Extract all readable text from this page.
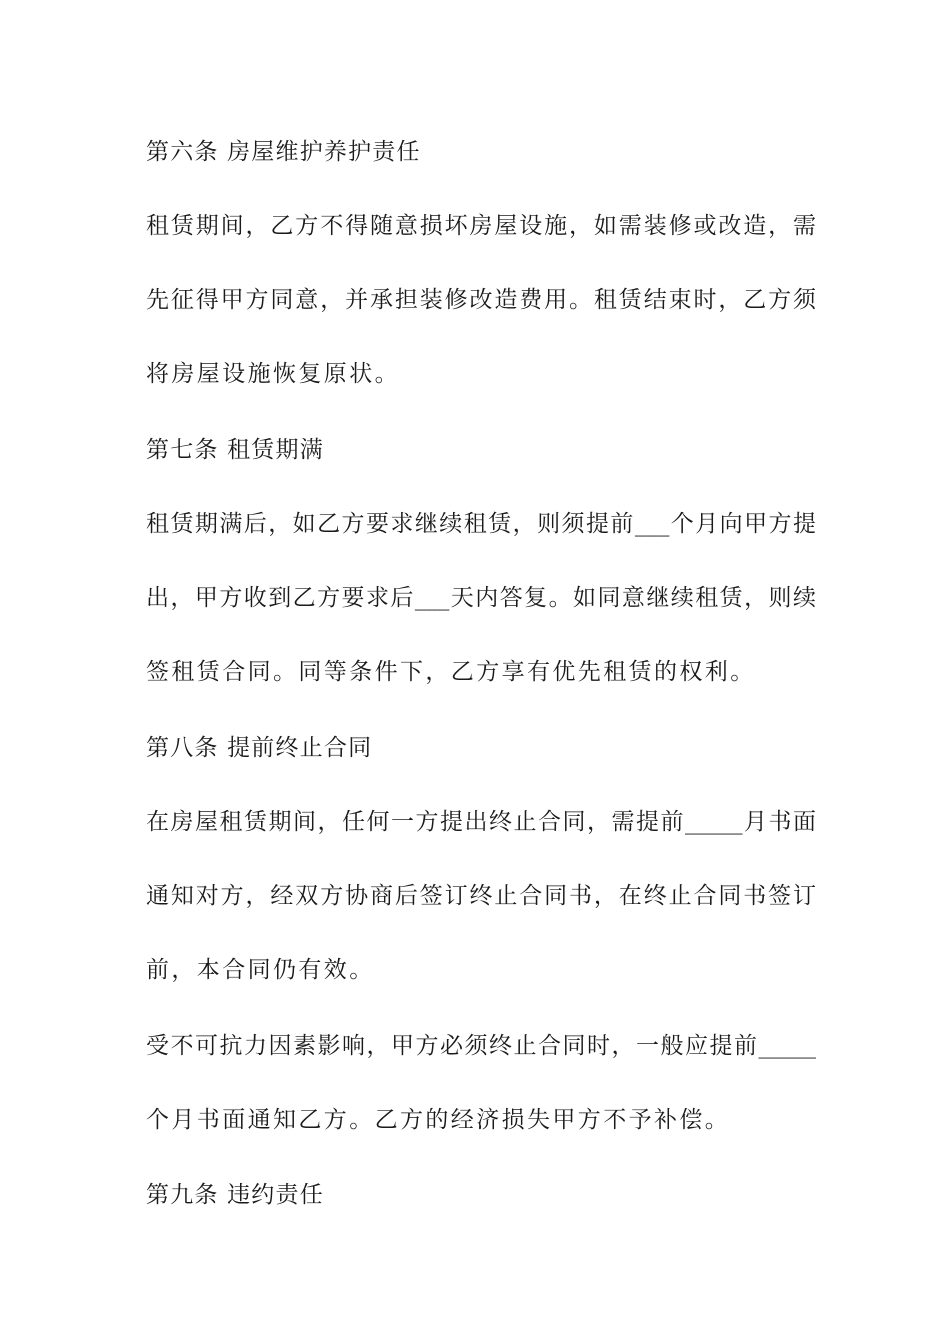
第六条 房屋维护养护责任
租赁期间，乙方不得随意损坏房屋设施，如需装修或改造，需
先征得甲方同意，并承担装修改造费用。租赁结束时，乙方须
将房屋设施恢复原状。
第七条 租赁期满
租赁期满后，如乙方要求继续租赁，则须提前___个月向甲方提
出，甲方收到乙方要求后___天内答复。如同意继续租赁，则续
签租赁合同。同等条件下，乙方享有优先租赁的权利。
第八条 提前终止合同
在房屋租赁期间，任何一方提出终止合同，需提前_____月书面
通知对方，经双方协商后签订终止合同书，在终止合同书签订
前，本合同仍有效。
受不可抗力因素影响，甲方必须终止合同时，一般应提前_____
个月书面通知乙方。乙方的经济损失甲方不予补偿。
第九条 违约责任
